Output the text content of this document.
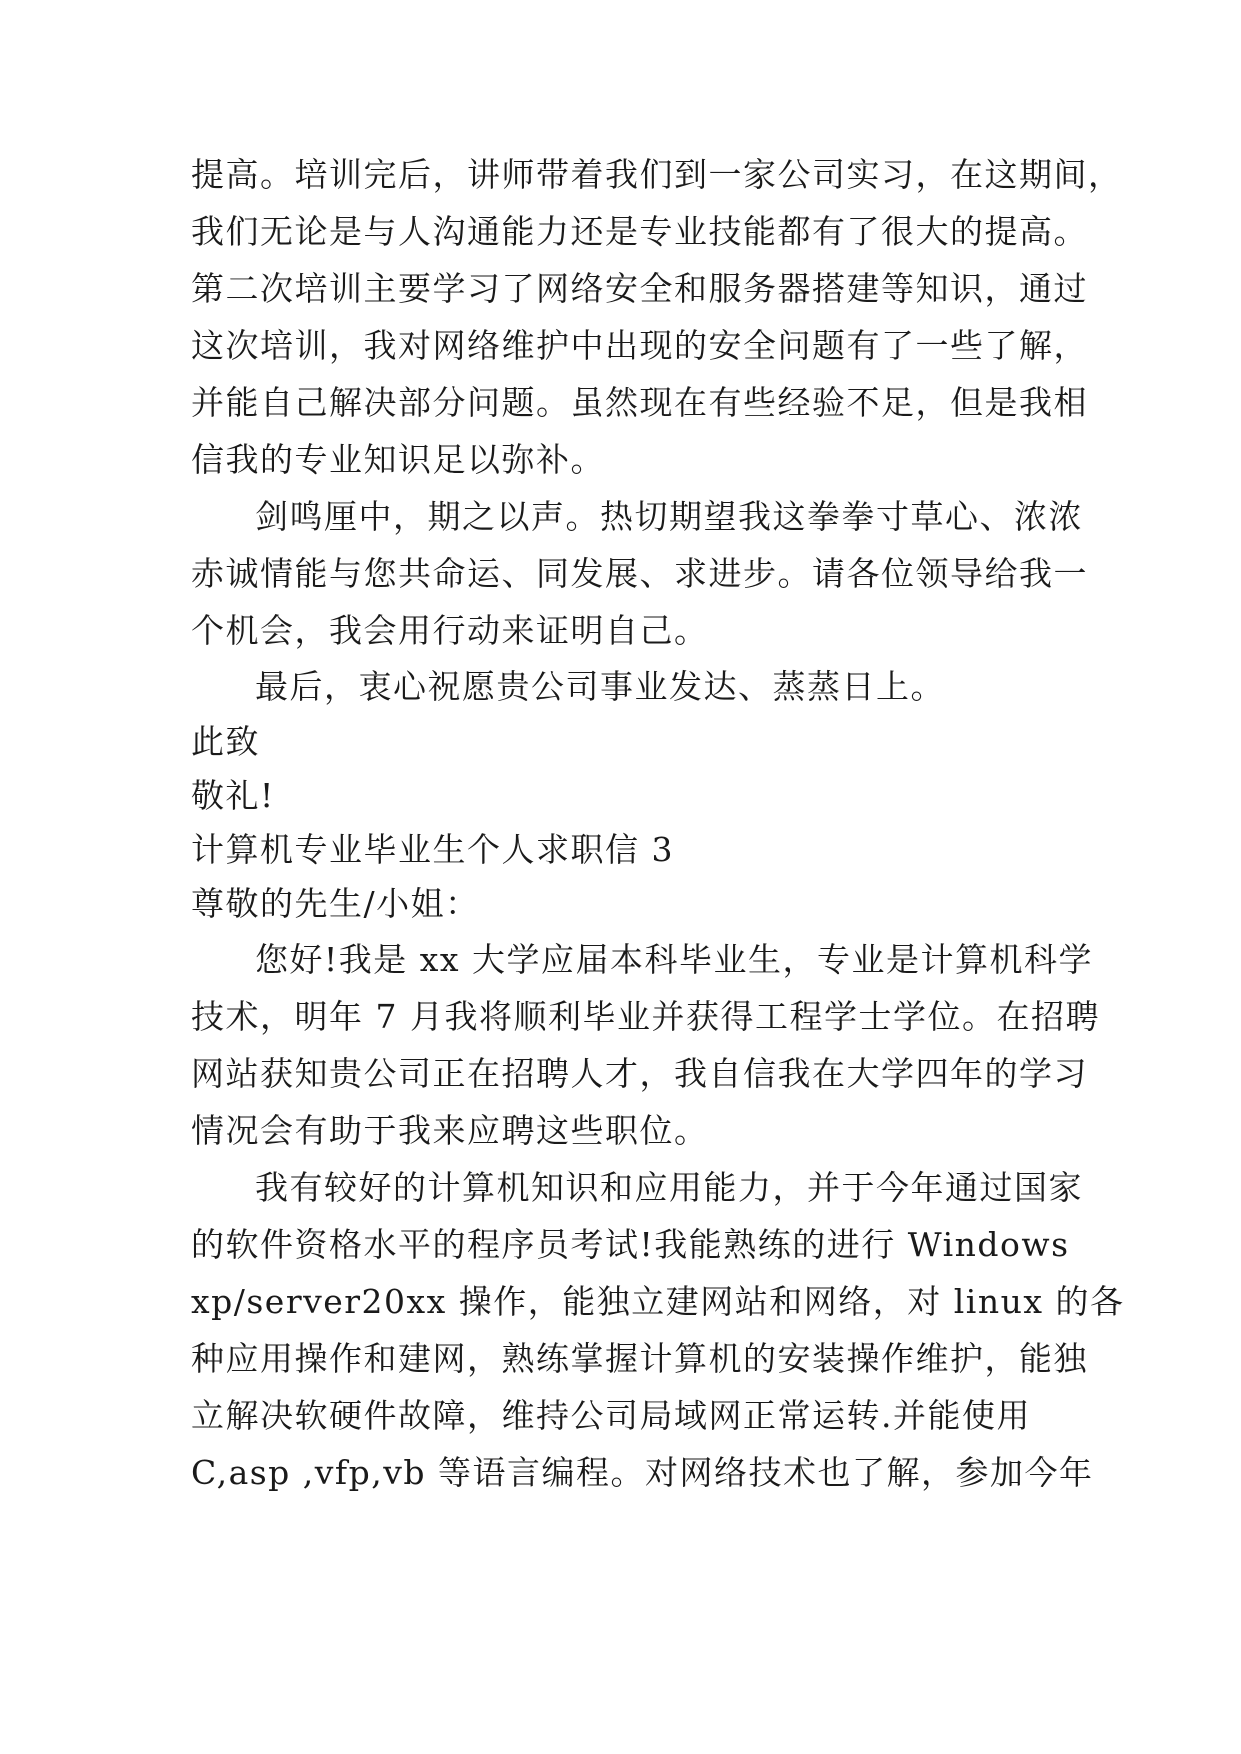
提高。培训完后，讲师带着我们到一家公司实习，在这期间，
我们无论是与人沟通能力还是专业技能都有了很大的提高。
第二次培训主要学习了网络安全和服务器搭建等知识，通过
这次培训，我对网络维护中出现的安全问题有了一些了解，
并能自己解决部分问题。虽然现在有些经验不足，但是我相
信我的专业知识足以弥补。
剑鸣厘中，期之以声。热切期望我这拳拳寸草心、浓浓
赤诚情能与您共命运、同发展、求进步。请各位领导给我一
个机会，我会用行动来证明自己。
最后，衷心祝愿贵公司事业发达、蒸蒸日上。
此致
敬礼!
计算机专业毕业生个人求职信 3
尊敬的先生/小姐：
您好!我是 xx 大学应届本科毕业生，专业是计算机科学
技术，明年 7 月我将顺利毕业并获得工程学士学位。在招聘
网站获知贵公司正在招聘人才，我自信我在大学四年的学习
情况会有助于我来应聘这些职位。
我有较好的计算机知识和应用能力，并于今年通过国家
的软件资格水平的程序员考试!我能熟练的进行 Windows
xp/server20xx 操作，能独立建网站和网络，对 linux 的各
种应用操作和建网，熟练掌握计算机的安装操作维护，能独
立解决软硬件故障，维持公司局域网正常运转.并能使用
C,asp ,vfp,vb 等语言编程。对网络技术也了解，参加今年
